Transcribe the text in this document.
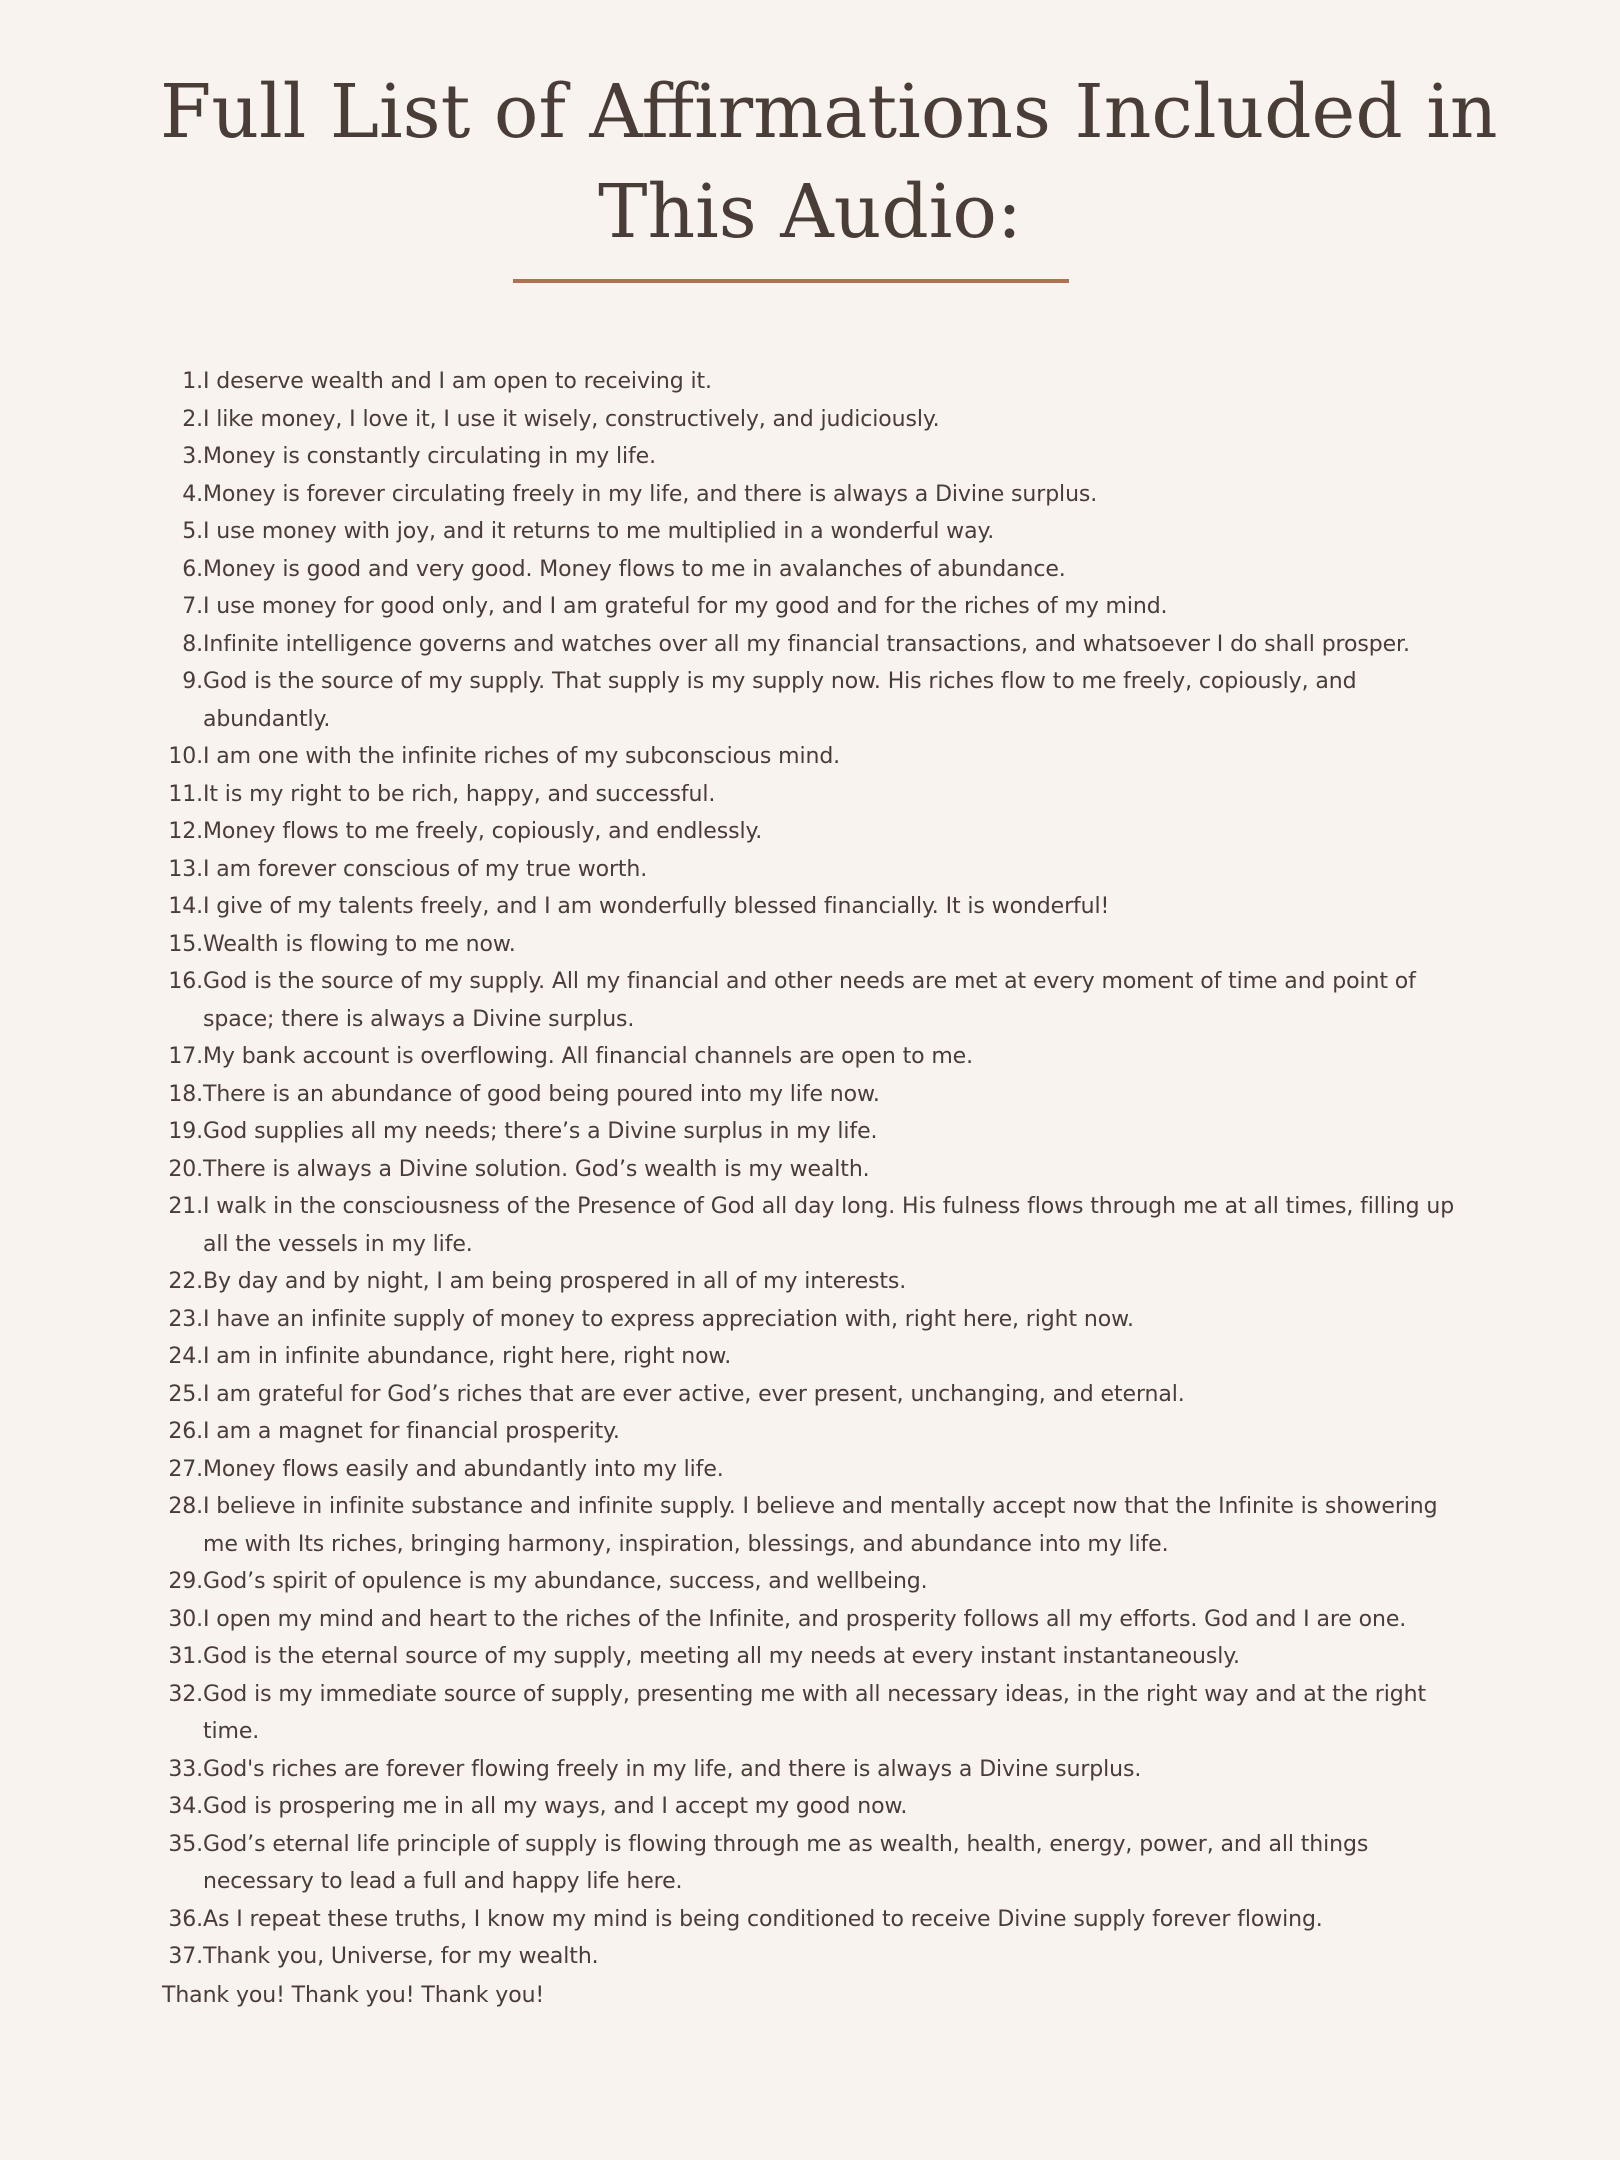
Full List of Affirmations Included in
This Audio:
1. I deserve wealth and I am open to receiving it.
2. I like money, I love it, I use it wisely, constructively, and judiciously.
3. Money is constantly circulating in my life.
4. Money is forever circulating freely in my life, and there is always a Divine surplus.
5. I use money with joy, and it returns to me multiplied in a wonderful way.
6. Money is good and very good. Money flows to me in avalanches of abundance.
7. I use money for good only, and I am grateful for my good and for the riches of my mind.
8. Infinite intelligence governs and watches over all my financial transactions, and whatsoever I do shall prosper.
9. God is the source of my supply. That supply is my supply now. His riches flow to me freely, copiously, and abundantly.
10. I am one with the infinite riches of my subconscious mind.
11. It is my right to be rich, happy, and successful.
12. Money flows to me freely, copiously, and endlessly.
13. I am forever conscious of my true worth.
14. I give of my talents freely, and I am wonderfully blessed financially. It is wonderful!
15. Wealth is flowing to me now.
16. God is the source of my supply. All my financial and other needs are met at every moment of time and point of space; there is always a Divine surplus.
17. My bank account is overflowing. All financial channels are open to me.
18. There is an abundance of good being poured into my life now.
19. God supplies all my needs; there’s a Divine surplus in my life.
20. There is always a Divine solution. God’s wealth is my wealth.
21. I walk in the consciousness of the Presence of God all day long. His fulness flows through me at all times, filling up all the vessels in my life.
22. By day and by night, I am being prospered in all of my interests.
23. I have an infinite supply of money to express appreciation with, right here, right now.
24. I am in infinite abundance, right here, right now.
25. I am grateful for God’s riches that are ever active, ever present, unchanging, and eternal.
26. I am a magnet for financial prosperity.
27. Money flows easily and abundantly into my life.
28. I believe in infinite substance and infinite supply. I believe and mentally accept now that the Infinite is showering me with Its riches, bringing harmony, inspiration, blessings, and abundance into my life.
29. God’s spirit of opulence is my abundance, success, and wellbeing.
30. I open my mind and heart to the riches of the Infinite, and prosperity follows all my efforts. God and I are one.
31. God is the eternal source of my supply, meeting all my needs at every instant instantaneously.
32. God is my immediate source of supply, presenting me with all necessary ideas, in the right way and at the right time.
33. God's riches are forever flowing freely in my life, and there is always a Divine surplus.
34. God is prospering me in all my ways, and I accept my good now.
35. God’s eternal life principle of supply is flowing through me as wealth, health, energy, power, and all things necessary to lead a full and happy life here.
36. As I repeat these truths, I know my mind is being conditioned to receive Divine supply forever flowing.
37. Thank you, Universe, for my wealth.

Thank you! Thank you! Thank you!
